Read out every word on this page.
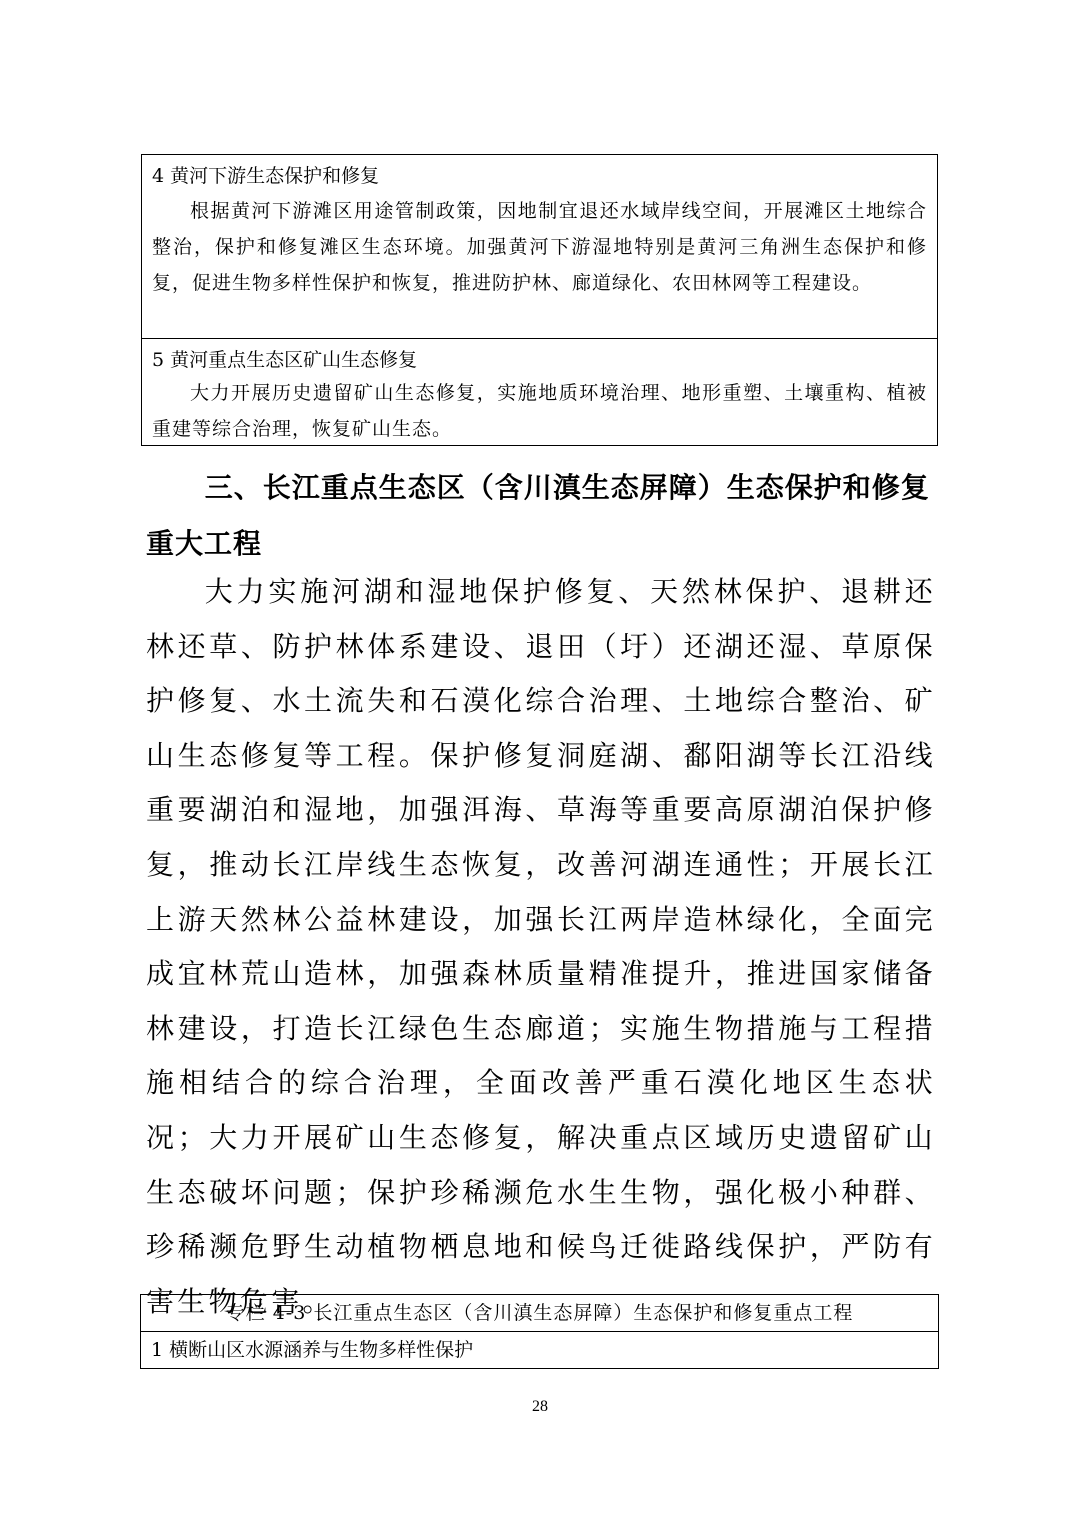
4 黄河下游生态保护和修复

根据黄河下游滩区用途管制政策，因地制宜退还水域岸线空间，开展滩区土地综合整治，保护和修复滩区生态环境。加强黄河下游湿地特别是黄河三角洲生态保护和修复，促进生物多样性保护和恢复，推进防护林、廊道绿化、农田林网等工程建设。

5 黄河重点生态区矿山生态修复

大力开展历史遗留矿山生态修复，实施地质环境治理、地形重塑、土壤重构、植被重建等综合治理，恢复矿山生态。

三、长江重点生态区（含川滇生态屏障）生态保护和修复重大工程

大力实施河湖和湿地保护修复、天然林保护、退耕还林还草、防护林体系建设、退田（圩）还湖还湿、草原保护修复、水土流失和石漠化综合治理、土地综合整治、矿山生态修复等工程。保护修复洞庭湖、鄱阳湖等长江沿线重要湖泊和湿地，加强洱海、草海等重要高原湖泊保护修复，推动长江岸线生态恢复，改善河湖连通性；开展长江上游天然林公益林建设，加强长江两岸造林绿化，全面完成宜林荒山造林，加强森林质量精准提升，推进国家储备林建设，打造长江绿色生态廊道；实施生物措施与工程措施相结合的综合治理，全面改善严重石漠化地区生态状况；大力开展矿山生态修复，解决重点区域历史遗留矿山生态破坏问题；保护珍稀濒危水生生物，强化极小种群、珍稀濒危野生动植物栖息地和候鸟迁徙路线保护，严防有害生物危害。

专栏 4-3 长江重点生态区（含川滇生态屏障）生态保护和修复重点工程

1 横断山区水源涵养与生物多样性保护

28
